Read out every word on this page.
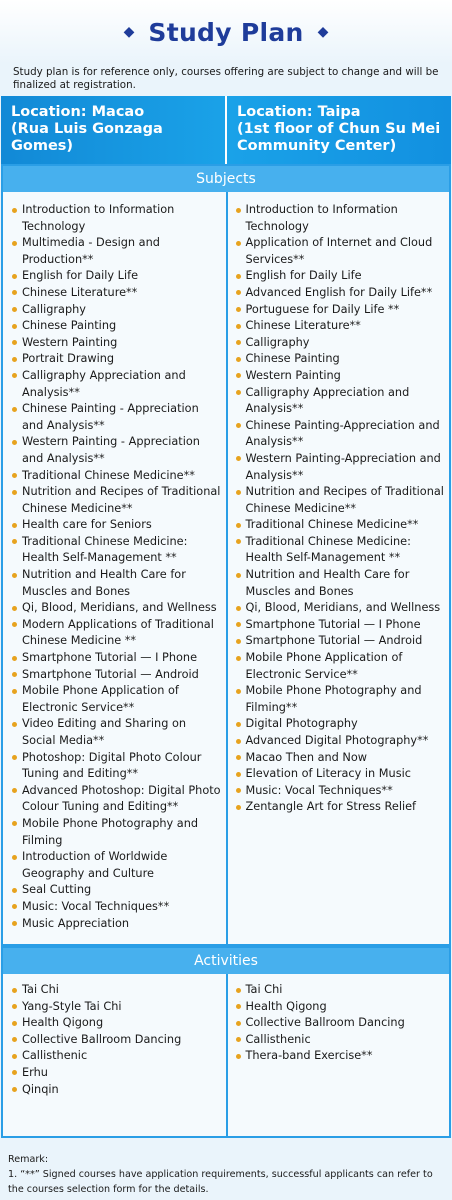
◆ Study Plan ◆
Study plan is for reference only, courses offering are subject to change and will be finalized at registration.
Location: Macao
(Rua Luis Gonzaga Gomes)
Location: Taipa
(1st floor of Chun Su Mei
Community Center)
Subjects
Introduction to Information Technology
Multimedia - Design and Production**
English for Daily Life
Chinese Literature**
Calligraphy
Chinese Painting
Western Painting
Portrait Drawing
Calligraphy Appreciation and Analysis**
Chinese Painting - Appreciation and Analysis**
Western Painting - Appreciation and Analysis**
Traditional Chinese Medicine**
Nutrition and Recipes of Traditional Chinese Medicine**
Health care for Seniors
Traditional Chinese Medicine: Health Self-Management **
Nutrition and Health Care for Muscles and Bones
Qi, Blood, Meridians, and Wellness
Modern Applications of Traditional Chinese Medicine **
Smartphone Tutorial — I Phone
Smartphone Tutorial — Android
Mobile Phone Application of Electronic Service**
Video Editing and Sharing on Social Media**
Photoshop: Digital Photo Colour Tuning and Editing**
Advanced Photoshop: Digital Photo Colour Tuning and Editing**
Mobile Phone Photography and Filming
Introduction of Worldwide Geography and Culture
Seal Cutting
Music: Vocal Techniques**
Music Appreciation
Introduction to Information Technology
Application of Internet and Cloud Services**
English for Daily Life
Advanced English for Daily Life**
Portuguese for Daily Life **
Chinese Literature**
Calligraphy
Chinese Painting
Western Painting
Calligraphy Appreciation and Analysis**
Chinese Painting-Appreciation and Analysis**
Western Painting-Appreciation and Analysis**
Nutrition and Recipes of Traditional Chinese Medicine**
Traditional Chinese Medicine**
Traditional Chinese Medicine: Health Self-Management **
Nutrition and Health Care for Muscles and Bones
Qi, Blood, Meridians, and Wellness
Smartphone Tutorial — I Phone
Smartphone Tutorial — Android
Mobile Phone Application of Electronic Service**
Mobile Phone Photography and Filming**
Digital Photography
Advanced Digital Photography**
Macao Then and Now
Elevation of Literacy in Music
Music: Vocal Techniques**
Zentangle Art for Stress Relief
Activities
Tai Chi
Yang-Style Tai Chi
Health Qigong
Collective Ballroom Dancing
Callisthenic
Erhu
Qinqin
Tai Chi
Health Qigong
Collective Ballroom Dancing
Callisthenic
Thera-band Exercise**
Remark:
1. “**” Signed courses have application requirements, successful applicants can refer to the courses selection form for the details.
